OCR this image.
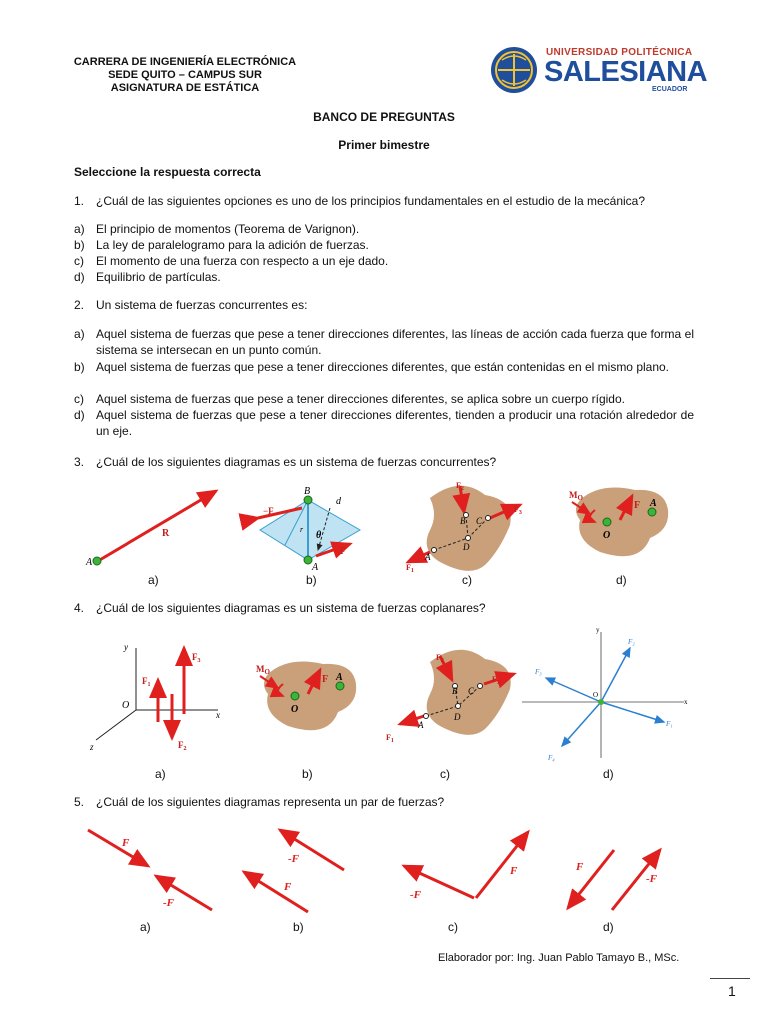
CARRERA DE INGENIERÍA ELECTRÓNICA
SEDE QUITO – CAMPUS SUR
ASIGNATURA DE ESTÁTICA
UNIVERSIDAD POLITÉCNICA
SALESIANA
ECUADOR
BANCO DE PREGUNTAS
Primer bimestre
Seleccione la respuesta correcta
1. ¿Cuál de las siguientes opciones es uno de los principios fundamentales en el estudio de la mecánica?
a) El principio de momentos (Teorema de Varignon).
b) La ley de paralelogramo para la adición de fuerzas.
c) El momento de una fuerza con respecto a un eje dado.
d) Equilibrio de partículas.
2. Un sistema de fuerzas concurrentes es:
a) Aquel sistema de fuerzas que pese a tener direcciones diferentes, las líneas de acción cada fuerza que forma el sistema se intersecan en un punto común.
b) Aquel sistema de fuerzas que pese a tener direcciones diferentes, que están contenidas en el mismo plano.
c) Aquel sistema de fuerzas que pese a tener direcciones diferentes, se aplica sobre un cuerpo rígido.
d) Aquel sistema de fuerzas que pese a tener direcciones diferentes, tienden a producir una rotación alrededor de un eje.
3. ¿Cuál de los siguientes diagramas es un sistema de fuerzas concurrentes?
A
R
B
A
d
r
θ
−F
F
B C
D
A
$F_2$
$F_3$
$F_1$
O
A
F
$M_O$
a)	b)	c)	d)
4. ¿Cuál de los siguientes diagramas es un sistema de fuerzas coplanares?
y
x
z
O
$F_1$
$F_2$
$F_3$
O
A
F
$M_O$
B C
D
A
$F_2$
$F_3$
$F_1$
y
x
O
F₂
F₃
F₁
F₄
a)	b)	c)	d)
5. ¿Cuál de los siguientes diagramas representa un par de fuerzas?
F
-F
-F
F
-F
F	F
-F
a)	b)	c)	d)
Elaborador por: Ing. Juan Pablo Tamayo B., MSc.
1
